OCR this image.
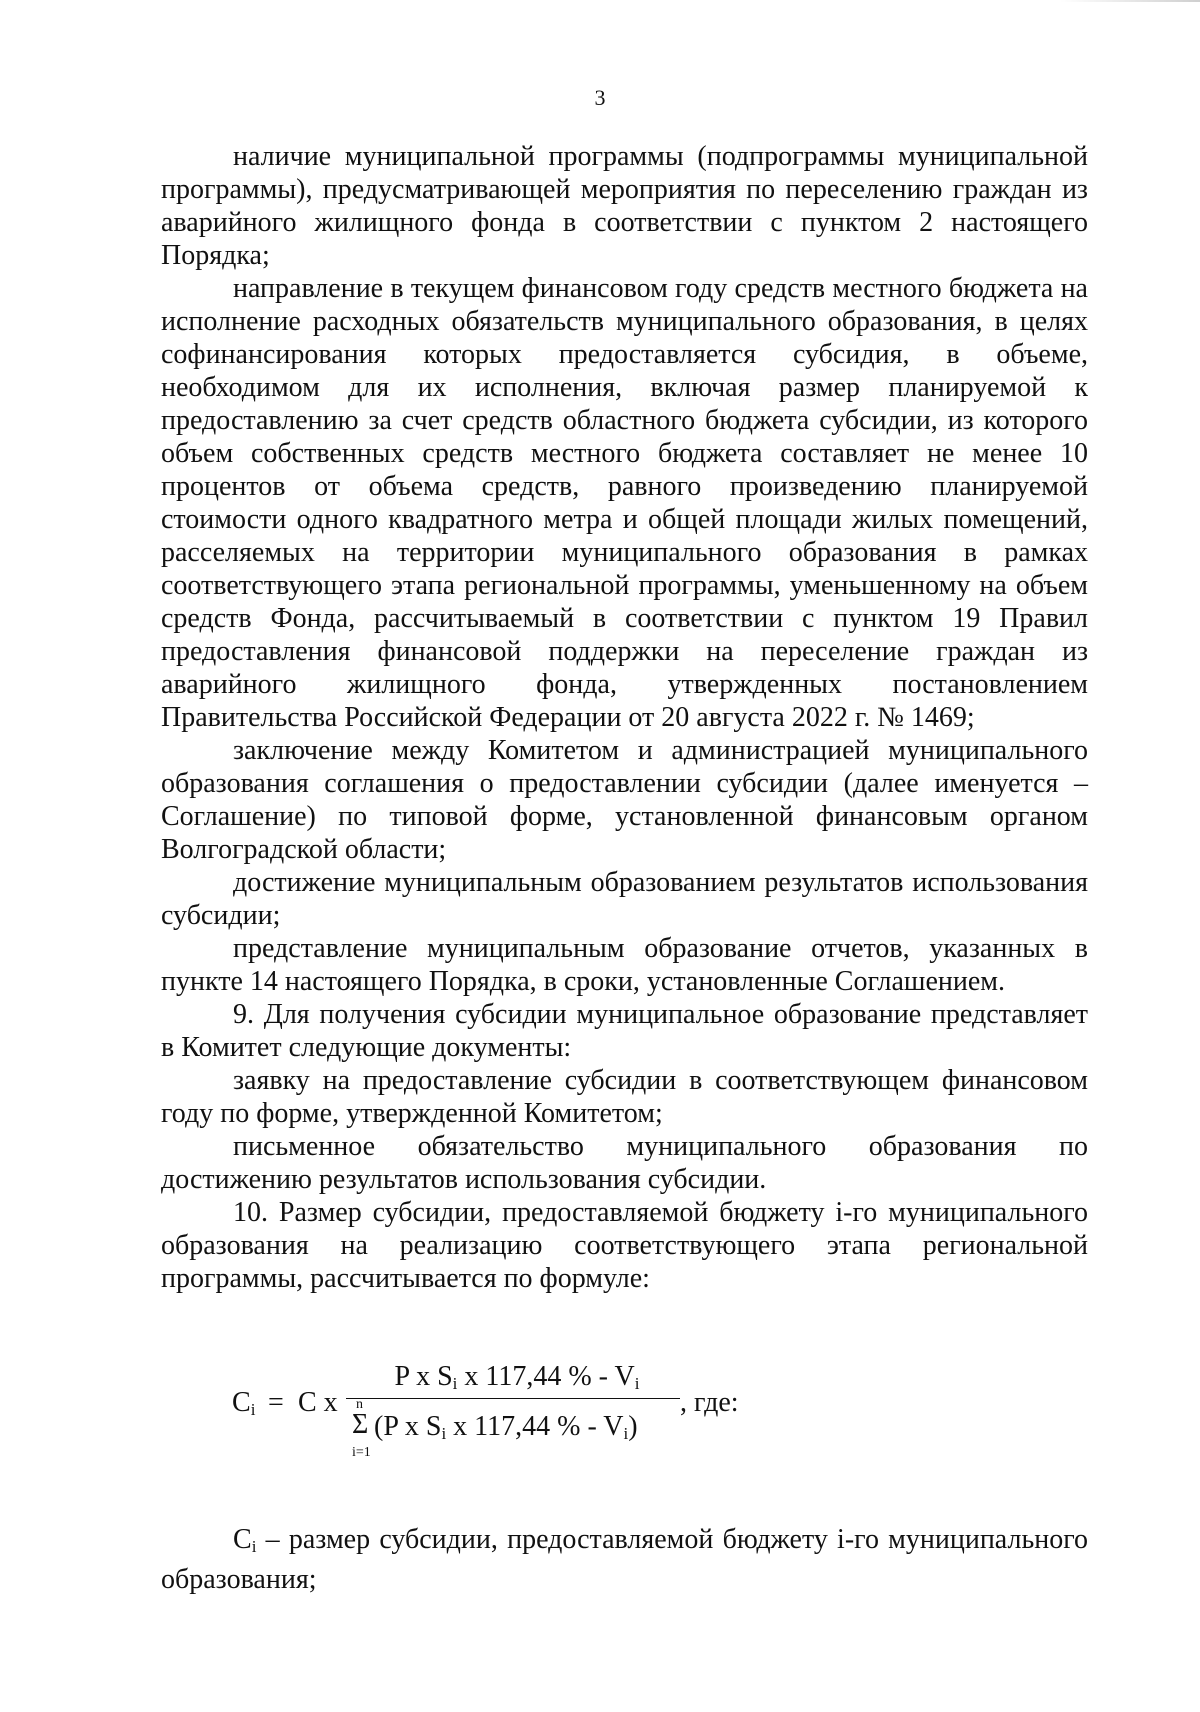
3

наличие муниципальной программы (подпрограммы муниципальной программы), предусматривающей мероприятия по переселению граждан из аварийного жилищного фонда в соответствии с пунктом 2 настоящего Порядка;

направление в текущем финансовом году средств местного бюджета на исполнение расходных обязательств муниципального образования, в целях софинансирования которых предоставляется субсидия, в объеме, необходимом для их исполнения, включая размер планируемой к предоставлению за счет средств областного бюджета субсидии, из которого объем собственных средств местного бюджета составляет не менее 10 процентов от объема средств, равного произведению планируемой стоимости одного квадратного метра и общей площади жилых помещений, расселяемых на территории муниципального образования в рамках соответствующего этапа региональной программы, уменьшенному на объем средств Фонда, рассчитываемый в соответствии с пунктом 19 Правил предоставления финансовой поддержки на переселение граждан из аварийного жилищного фонда, утвержденных постановлением Правительства Российской Федерации от 20 августа 2022 г. № 1469;

заключение между Комитетом и администрацией муниципального образования соглашения о предоставлении субсидии (далее именуется – Соглашение) по типовой форме, установленной финансовым органом Волгоградской области;

достижение муниципальным образованием результатов использования субсидии;

представление муниципальным образование отчетов, указанных в пункте 14 настоящего Порядка, в сроки, установленные Соглашением.

9. Для получения субсидии муниципальное образование представляет в Комитет следующие документы:

заявку на предоставление субсидии в соответствующем финансовом году по форме, утвержденной Комитетом;

письменное обязательство муниципального образования по достижению результатов использования субсидии.

10. Размер субсидии, предоставляемой бюджету i-го муниципального образования на реализацию соответствующего этапа региональной программы, рассчитывается по формуле:

$C_i = C$ x
P x $S_i$ x 117,44 % - $V_i$
, где:
n
Σ
i=1
(P x $S_i$ x 117,44 % - $V_i$)

$C_i$ – размер субсидии, предоставляемой бюджету i-го муниципального образования;
